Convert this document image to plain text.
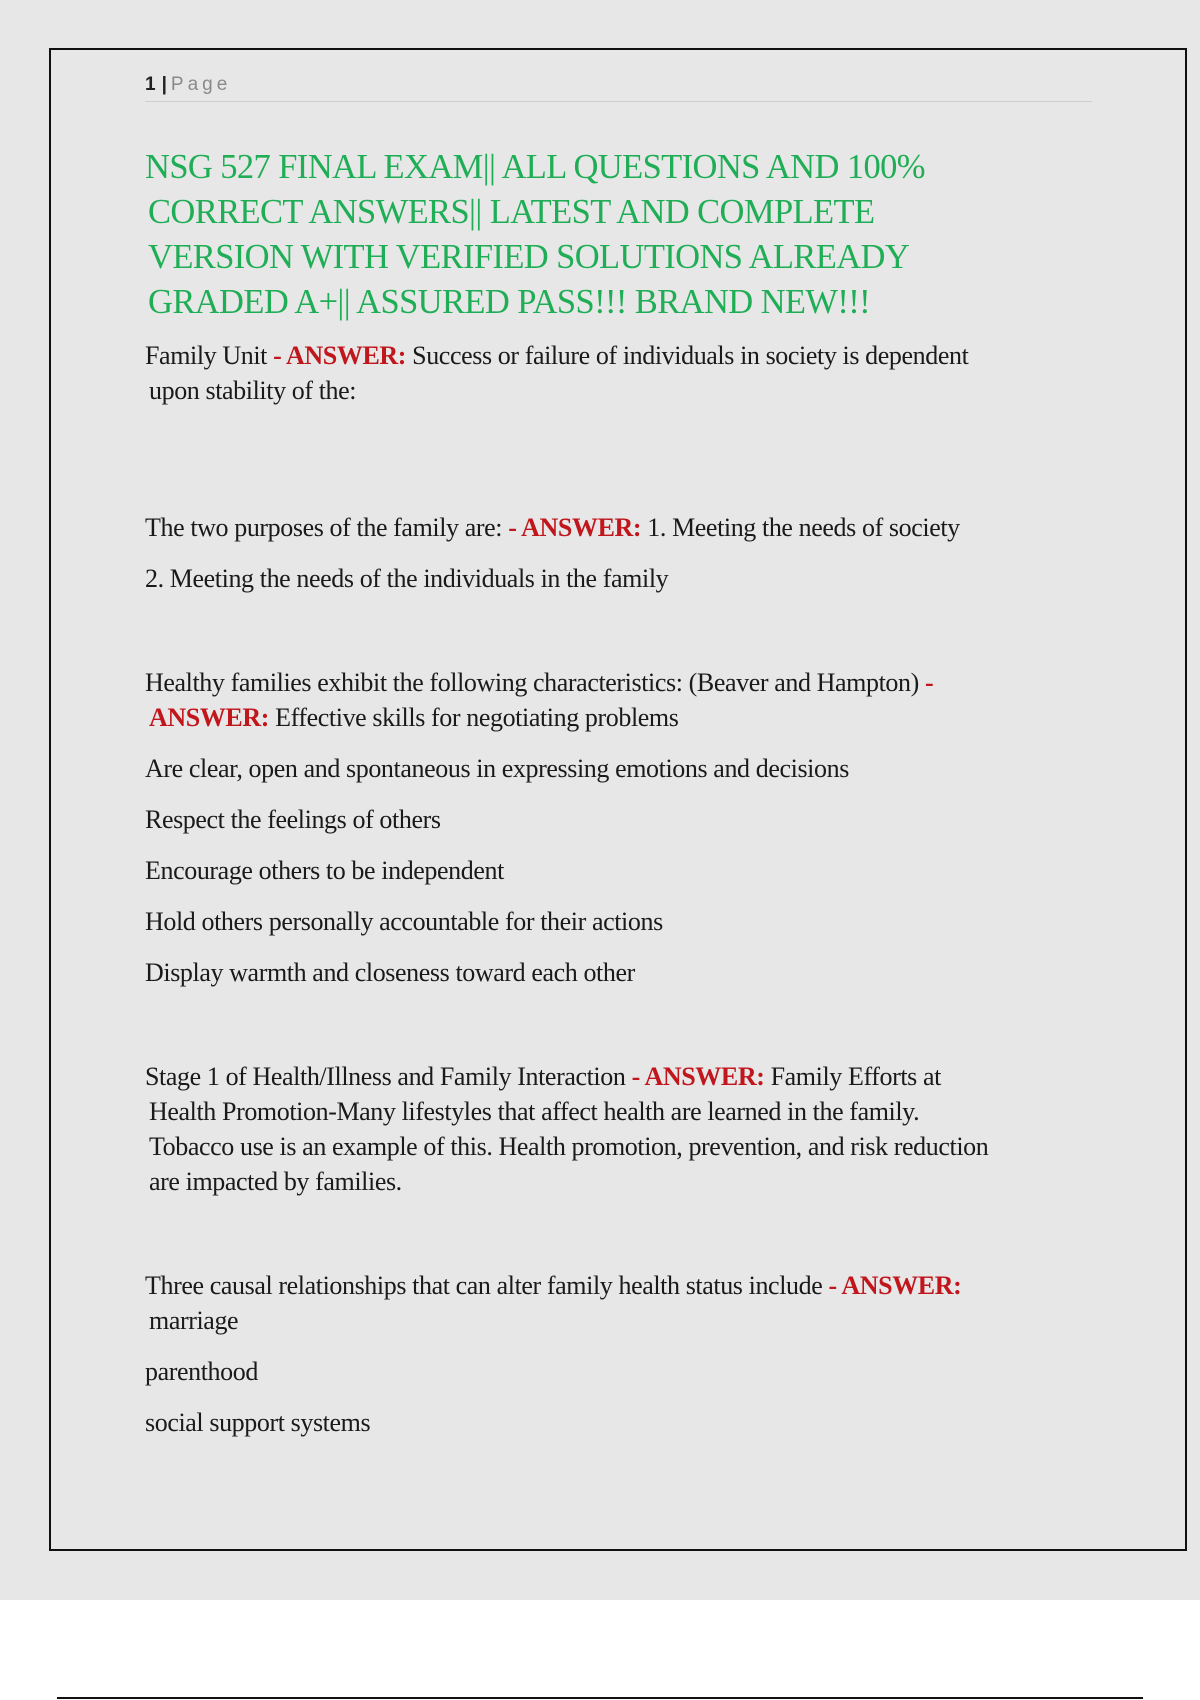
1 | Page
NSG 527 FINAL EXAM|| ALL QUESTIONS AND 100%
CORRECT ANSWERS|| LATEST AND COMPLETE
VERSION WITH VERIFIED SOLUTIONS ALREADY
GRADED A+|| ASSURED PASS!!! BRAND NEW!!!
Family Unit - ANSWER: Success or failure of individuals in society is dependent
upon stability of the:
The two purposes of the family are: - ANSWER: 1. Meeting the needs of society
2. Meeting the needs of the individuals in the family
Healthy families exhibit the following characteristics: (Beaver and Hampton) -
ANSWER: Effective skills for negotiating problems
Are clear, open and spontaneous in expressing emotions and decisions
Respect the feelings of others
Encourage others to be independent
Hold others personally accountable for their actions
Display warmth and closeness toward each other
Stage 1 of Health/Illness and Family Interaction - ANSWER: Family Efforts at
Health Promotion-Many lifestyles that affect health are learned in the family.
Tobacco use is an example of this. Health promotion, prevention, and risk reduction
are impacted by families.
Three causal relationships that can alter family health status include - ANSWER:
marriage
parenthood
social support systems
